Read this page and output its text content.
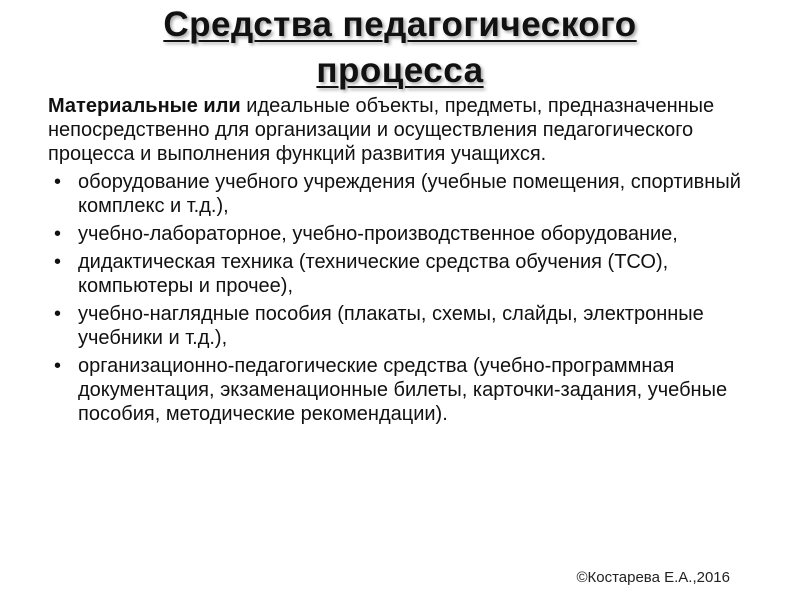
Средства педагогического
процесса

Материальные или идеальные объекты, предметы, предназначенные непосредственно для организации и осуществления педагогического процесса и выполнения функций развития учащихся.

• оборудование учебного учреждения (учебные помещения, спортивный комплекс и т.д.),
• учебно-лабораторное, учебно-производственное оборудование,
• дидактическая техника (технические средства обучения (ТСО), компьютеры и прочее),
• учебно-наглядные пособия (плакаты, схемы, слайды, электронные учебники и т.д.),
• организационно-педагогические средства (учебно-программная документация, экзаменационные билеты, карточки-задания, учебные пособия, методические рекомендации).
©Костарева Е.А.,2016
